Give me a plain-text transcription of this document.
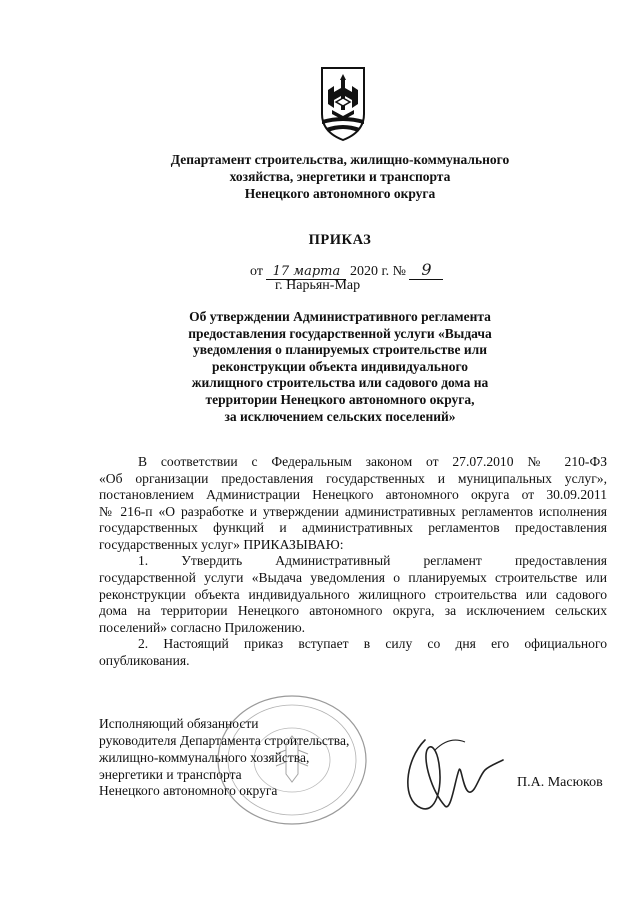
Департамент строительства, жилищно-коммунального
хозяйства, энергетики и транспорта
Ненецкого автономного округа
ПРИКАЗ
от 17 марта 2020 г. № 9
г. Нарьян-Мар
Об утверждении Административного регламента
предоставления государственной услуги «Выдача
уведомления о планируемых строительстве или
реконструкции объекта индивидуального
жилищного строительства или садового дома на
территории Ненецкого автономного округа,
за исключением сельских поселений»
В соответствии с Федеральным законом от 27.07.2010 № 210-ФЗ
«Об организации предоставления государственных и муниципальных услуг»,
постановлением Администрации Ненецкого автономного округа от 30.09.2011
№ 216-п «О разработке и утверждении административных регламентов исполнения
государственных функций и административных регламентов предоставления
государственных услуг» ПРИКАЗЫВАЮ:
1. Утвердить Административный регламент предоставления
государственной услуги «Выдача уведомления о планируемых строительстве или
реконструкции объекта индивидуального жилищного строительства или садового
дома на территории Ненецкого автономного округа, за исключением сельских
поселений» согласно Приложению.
2. Настоящий приказ вступает в силу со дня его официального
опубликования.
Исполняющий обязанности
руководителя Департамента строительства,
жилищно-коммунального хозяйства,
энергетики и транспорта
Ненецкого автономного округа
П.А. Масюков
